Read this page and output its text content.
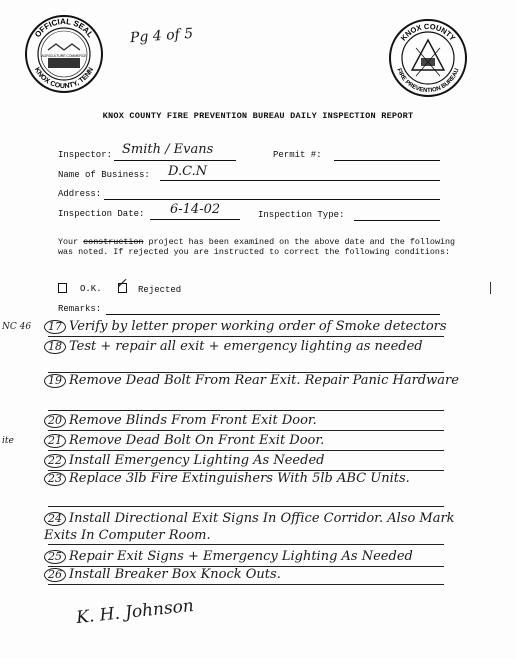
OFFICIAL SEAL
KNOX COUNTY, TENN
AGRICULTURE COMMERCE
Pg 4 of 5	KNOX COUNTY
FIRE PREVENTION BUREAU
KNOX COUNTY FIRE PREVENTION BUREAU DAILY INSPECTION REPORT
Inspector: Smith / Evans	Permit #:
Name of Business: D.C.N
Address:
Inspection Date: 6-14-02	Inspection Type:
Your construction project has been examined on the above date and the following was noted. If rejected you are instructed to correct the following conditions:
O.K. ✓ Rejected
Remarks:
NC 46
ite
17 Verify by letter proper working order of Smoke detectors
18 Test + repair all exit + emergency lighting as needed
19 Remove Dead Bolt From Rear Exit. Repair Panic Hardware
20 Remove Blinds From Front Exit Door.
21 Remove Dead Bolt On Front Exit Door.
22 Install Emergency Lighting As Needed
23 Replace 3lb Fire Extinguishers With 5lb ABC Units.
24 Install Directional Exit Signs In Office Corridor. Also Mark Exits In Computer Room.
25 Repair Exit Signs + Emergency Lighting As Needed
26 Install Breaker Box Knock Outs.
K. H. Johnson
